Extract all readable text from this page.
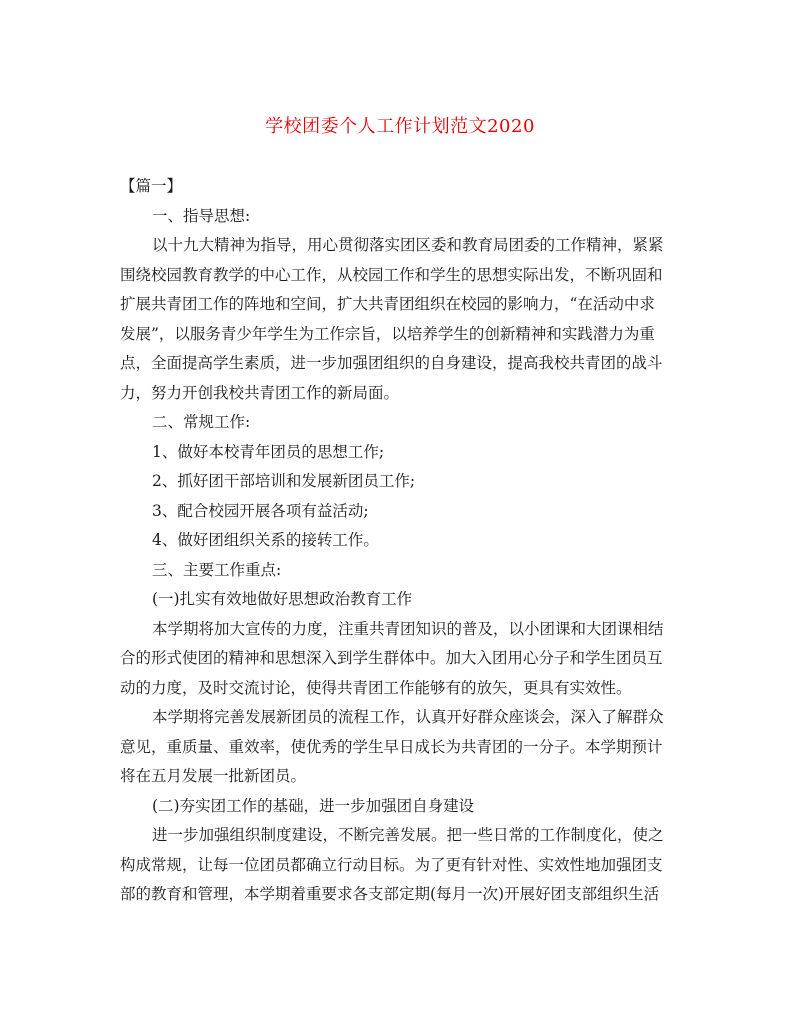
学校团委个人工作计划范文2020
【篇一】
一、指导思想:
以十九大精神为指导，用心贯彻落实团区委和教育局团委的工作精神，紧紧
围绕校园教育教学的中心工作，从校园工作和学生的思想实际出发，不断巩固和
扩展共青团工作的阵地和空间，扩大共青团组织在校园的影响力，“在活动中求
发展”，以服务青少年学生为工作宗旨，以培养学生的创新精神和实践潜力为重
点，全面提高学生素质，进一步加强团组织的自身建设，提高我校共青团的战斗
力，努力开创我校共青团工作的新局面。
二、常规工作:
1、做好本校青年团员的思想工作;
2、抓好团干部培训和发展新团员工作;
3、配合校园开展各项有益活动;
4、做好团组织关系的接转工作。
三、主要工作重点:
(一)扎实有效地做好思想政治教育工作
本学期将加大宣传的力度，注重共青团知识的普及，以小团课和大团课相结
合的形式使团的精神和思想深入到学生群体中。加大入团用心分子和学生团员互
动的力度，及时交流讨论，使得共青团工作能够有的放矢，更具有实效性。
本学期将完善发展新团员的流程工作，认真开好群众座谈会，深入了解群众
意见，重质量、重效率，使优秀的学生早日成长为共青团的一分子。本学期预计
将在五月发展一批新团员。
(二)夯实团工作的基础，进一步加强团自身建设
进一步加强组织制度建设，不断完善发展。把一些日常的工作制度化，使之
构成常规，让每一位团员都确立行动目标。为了更有针对性、实效性地加强团支
部的教育和管理，本学期着重要求各支部定期(每月一次)开展好团支部组织生活
